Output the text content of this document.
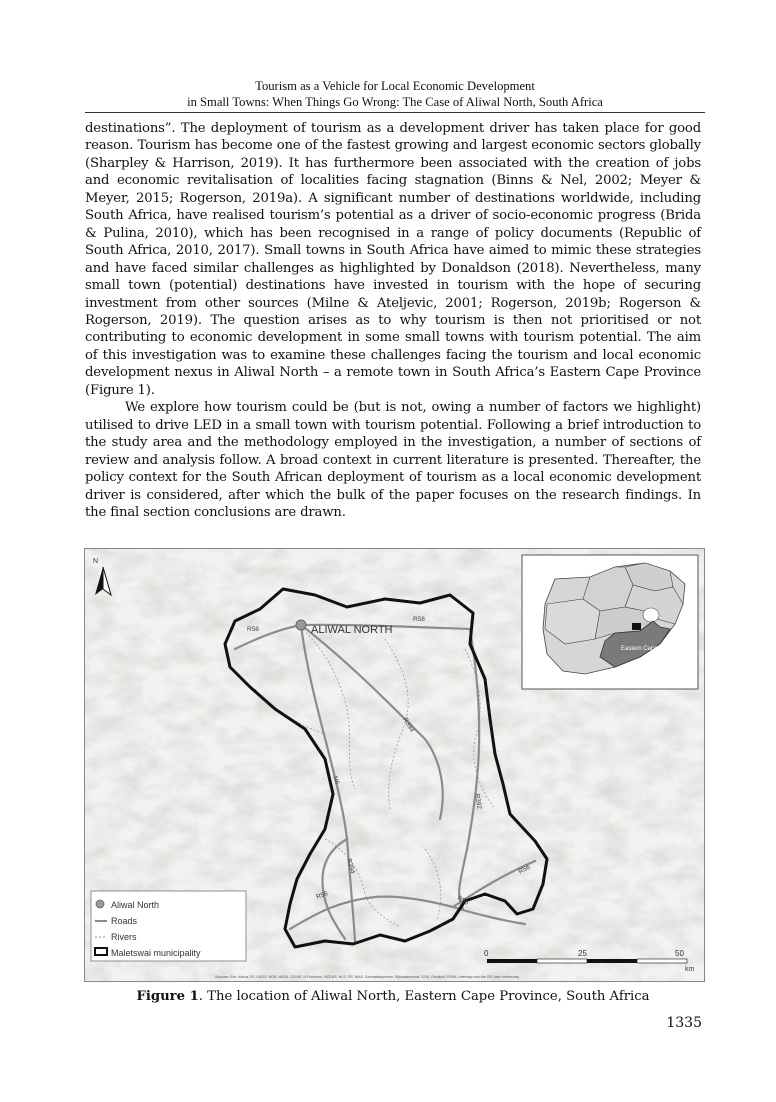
Tourism as a Vehicle for Local Economic Development
in Small Towns: When Things Go Wrong: The Case of Aliwal North, South Africa

destinations”. The deployment of tourism as a development driver has taken place for good reason. Tourism has become one of the fastest growing and largest economic sectors globally (Sharpley & Harrison, 2019). It has furthermore been associated with the creation of jobs and economic revitalisation of localities facing stagnation (Binns & Nel, 2002; Meyer & Meyer, 2015; Rogerson, 2019a). A significant number of destinations worldwide, including South Africa, have realised tourism’s potential as a driver of socio-economic progress (Brida & Pulina, 2010), which has been recognised in a range of policy documents (Republic of South Africa, 2010, 2017). Small towns in South Africa have aimed to mimic these strategies and have faced similar challenges as highlighted by Donaldson (2018). Nevertheless, many small town (potential) destinations have invested in tourism with the hope of securing investment from other sources (Milne & Ateljevic, 2001; Rogerson, 2019b; Rogerson & Rogerson, 2019). The question arises as to why tourism is then not prioritised or not contributing to economic development in some small towns with tourism potential. The aim of this investigation was to examine these challenges facing the tourism and local economic development nexus in Aliwal North – a remote town in South Africa’s Eastern Cape Province (Figure 1).

We explore how tourism could be (but is not, owing a number of factors we highlight) utilised to drive LED in a small town with tourism potential. Following a brief introduction to the study area and the methodology employed in the investigation, a number of sections of review and analysis follow. A broad context in current literature is presented. Thereafter, the policy context for the South African deployment of tourism as a local economic development driver is considered, after which the bulk of the paper focuses on the research findings. In the final section conclusions are drawn.

ALIWAL NORTH
R58
R58
R394
N6
R392
R394
R56	R56
R56
N
Eastern Cape
Aliwal North
Roads
Rivers
Maletswai municipality	0	25	50
km
Sources: Esri, Airbus DS, USGS, NGA, NASA, CGIAR, N Robinson, NCEAS, NLS, OS, NMA, Geodatastyrelsen, Rijkswaterstaat, GSA, Geoland, FEMA, Intermap and the GIS user community
Figure 1. The location of Aliwal North, Eastern Cape Province, South Africa
1335
